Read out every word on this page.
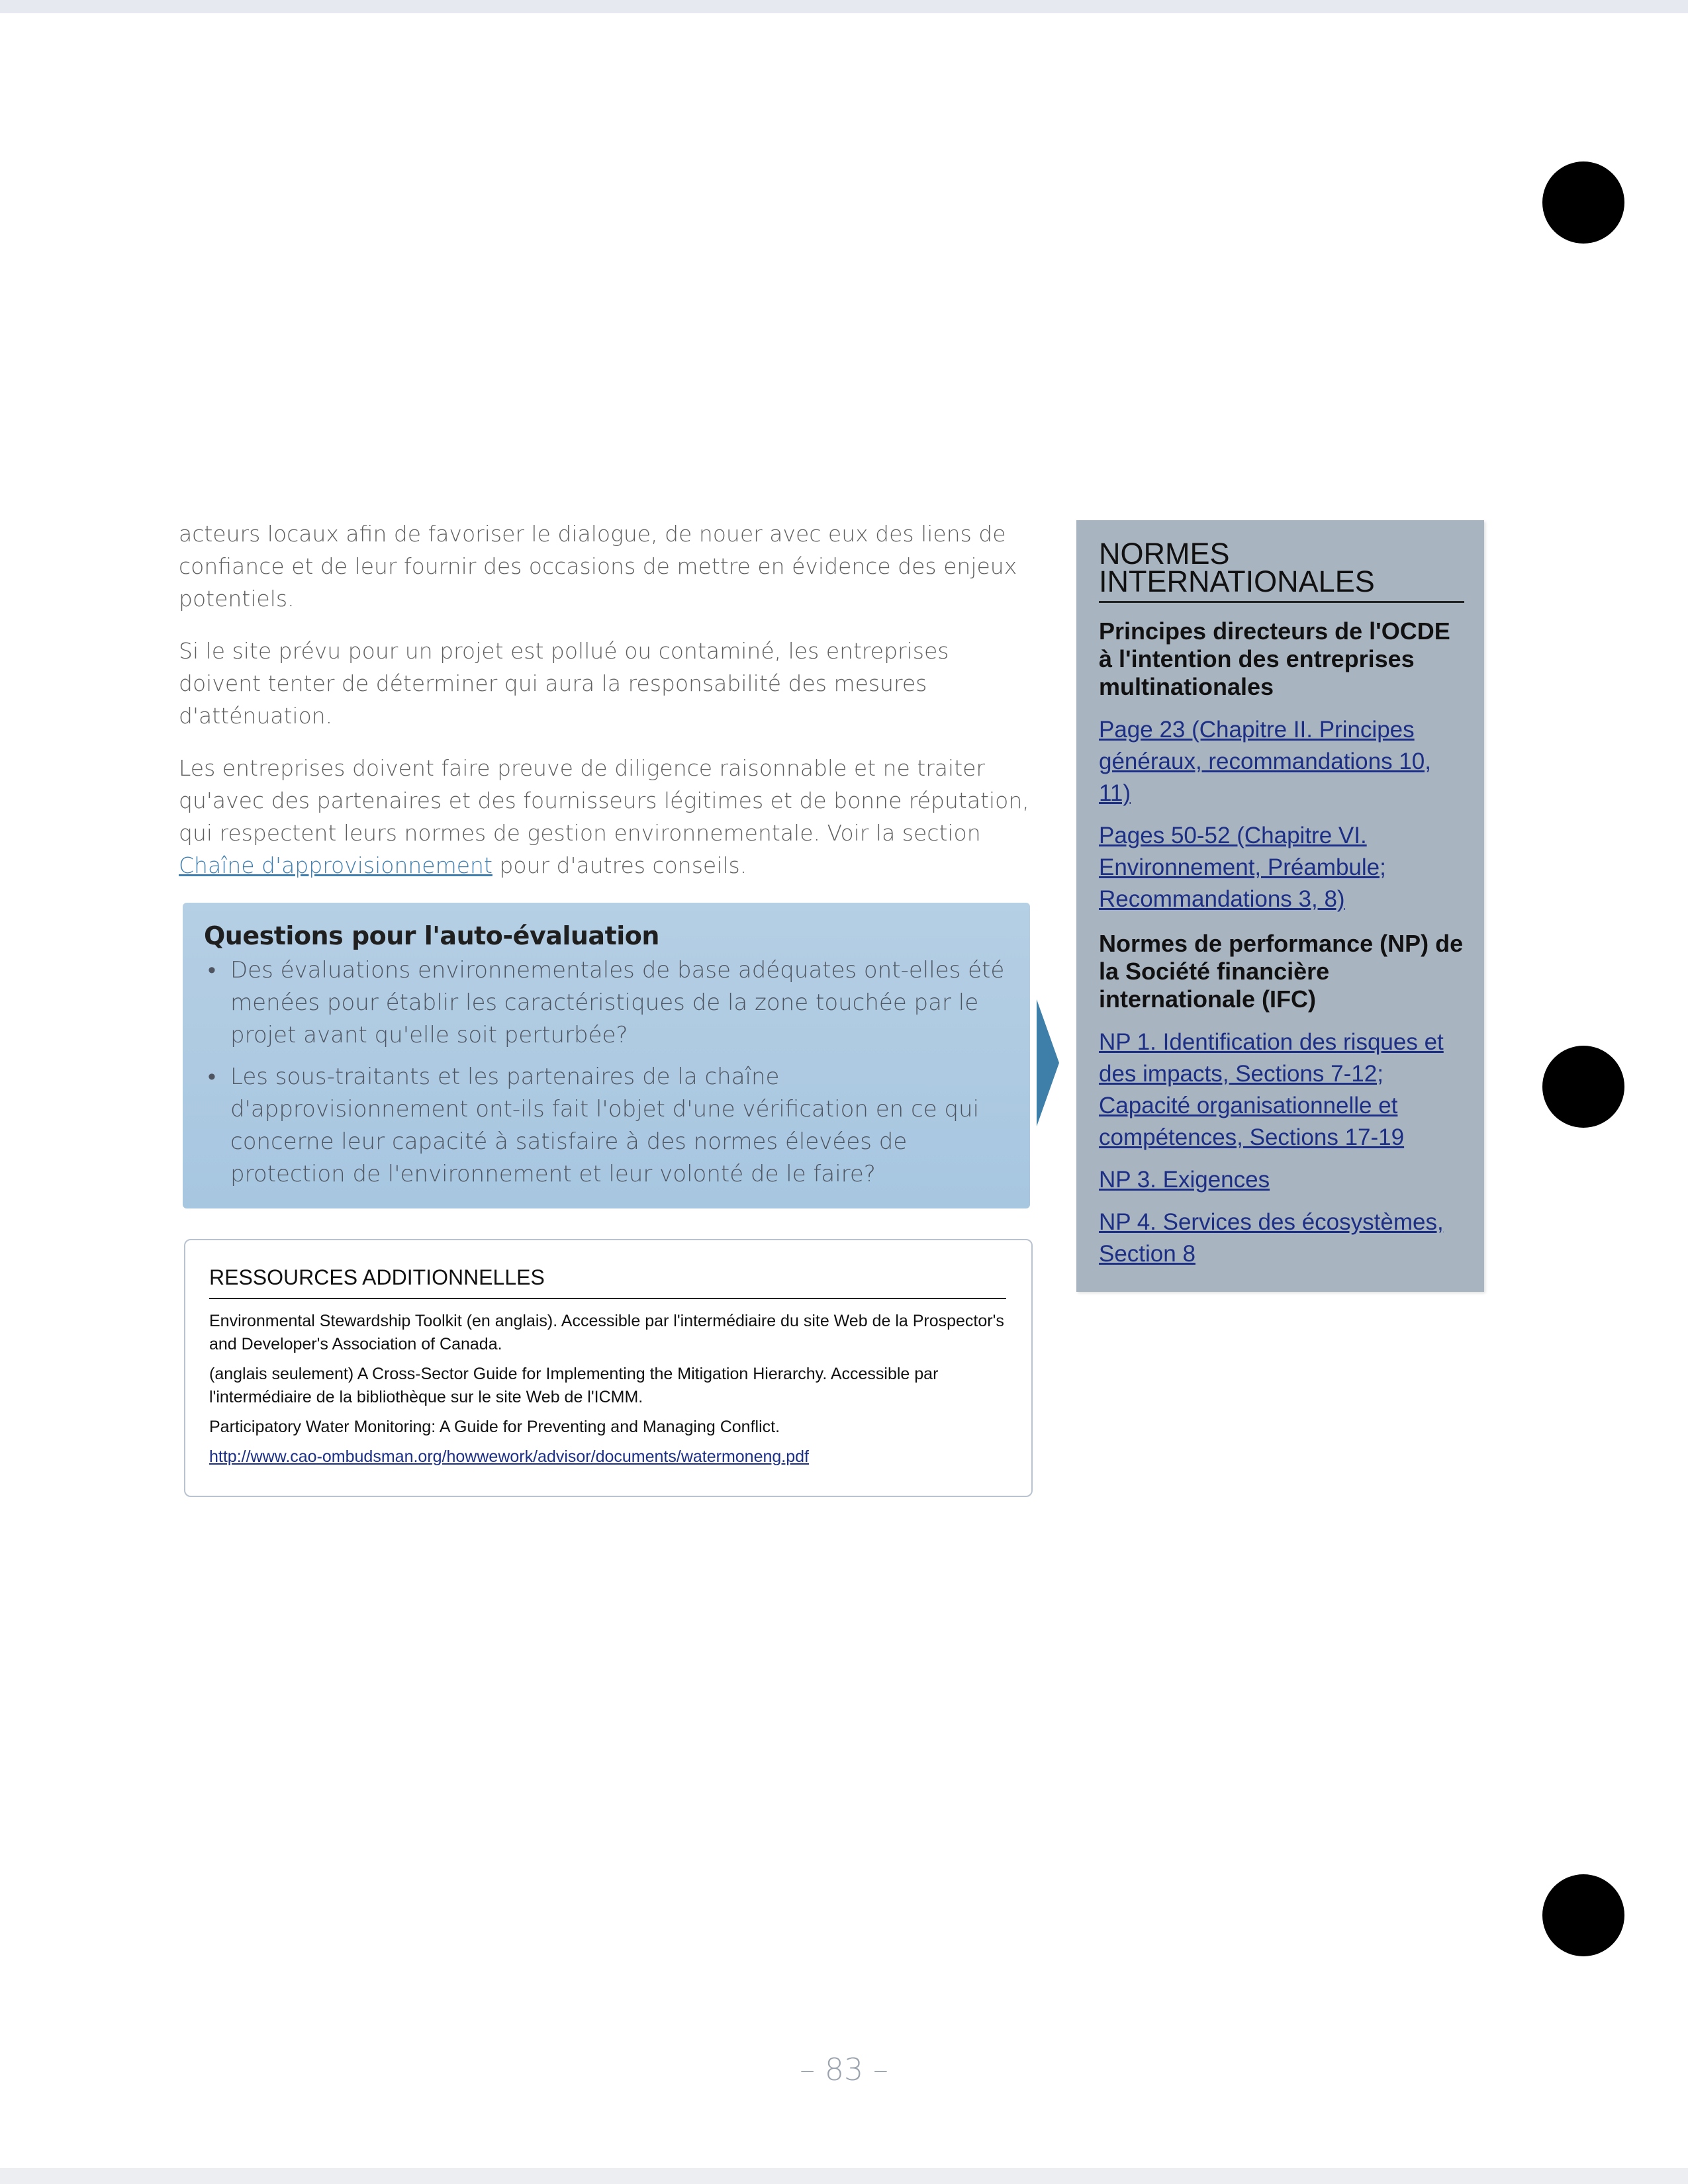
acteurs locaux afin de favoriser le dialogue, de nouer avec eux des liens de confiance et de leur fournir des occasions de mettre en évidence des enjeux potentiels.

Si le site prévu pour un projet est pollué ou contaminé, les entreprises doivent tenter de déterminer qui aura la responsabilité des mesures d'atténuation.

Les entreprises doivent faire preuve de diligence raisonnable et ne traiter qu'avec des partenaires et des fournisseurs légitimes et de bonne réputation, qui respectent leurs normes de gestion environnementale. Voir la section Chaîne d'approvisionnement pour d'autres conseils.

Questions pour l'auto-évaluation
• Des évaluations environnementales de base adéquates ont-elles été menées pour établir les caractéristiques de la zone touchée par le projet avant qu'elle soit perturbée?
• Les sous-traitants et les partenaires de la chaîne d'approvisionnement ont-ils fait l'objet d'une vérification en ce qui concerne leur capacité à satisfaire à des normes élevées de protection de l'environnement et leur volonté de le faire?
RESSOURCES ADDITIONNELLES
Environmental Stewardship Toolkit (en anglais). Accessible par l'intermédiaire du site Web de la Prospector's and Developer's Association of Canada.
(anglais seulement) A Cross-Sector Guide for Implementing the Mitigation Hierarchy. Accessible par l'intermédiaire de la bibliothèque sur le site Web de l'ICMM.
Participatory Water Monitoring: A Guide for Preventing and Managing Conflict.
http://www.cao-ombudsman.org/howwework/advisor/documents/watermoneng.pdf
NORMES INTERNATIONALES
Principes directeurs de l'OCDE à l'intention des entreprises multinationales
Page 23 (Chapitre II. Principes généraux, recommandations 10, 11)
Pages 50-52 (Chapitre VI. Environnement, Préambule; Recommandations 3, 8)
Normes de performance (NP) de la Société financière internationale (IFC)
NP 1. Identification des risques et des impacts, Sections 7-12; Capacité organisationnelle et compétences, Sections 17-19
NP 3. Exigences
NP 4. Services des écosystèmes, Section 8
– 83 –
